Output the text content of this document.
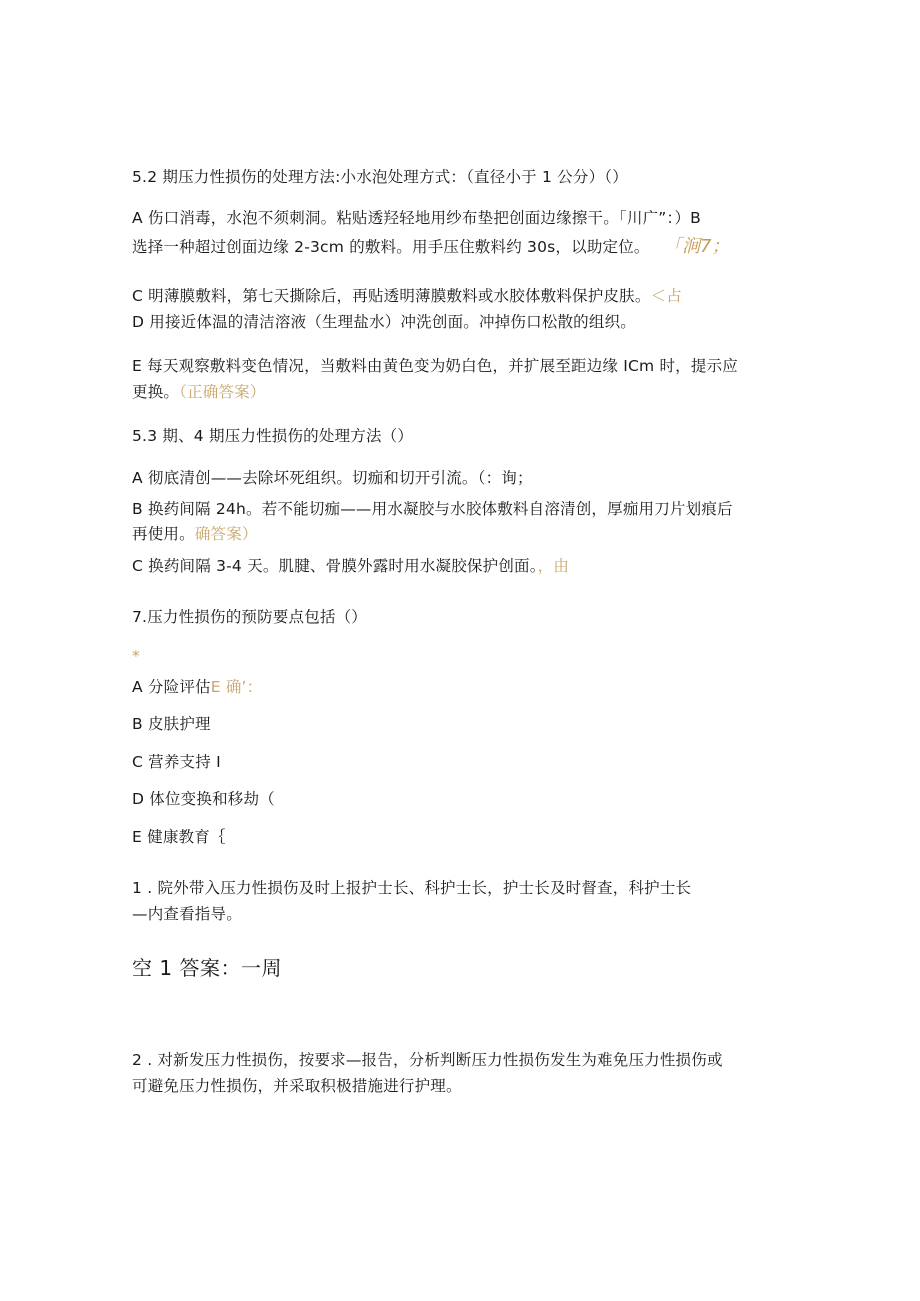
5.2 期压力性损伤的处理方法:小水泡处理方式：（直径小于 1 公分）（）
A 伤口消毒，水泡不须刺洞。粘贴透羟轻地用纱布垫把创面边缘擦干。「川广”：）B
选择一种超过创面边缘 2-3cm 的敷料。用手压住敷料约 30s，以助定位。 「涧7；
C 明薄膜敷料，第七天撕除后，再贴透明薄膜敷料或水胶体敷料保护皮肤。＜占
D 用接近体温的清洁溶液（生理盐水）冲洗创面。冲掉伤口松散的组织。
E 每天观察敷料变色情况，当敷料由黄色变为奶白色，并扩展至距边缘 ICm 时，提示应
更换。（正确答案）
5.3 期、4 期压力性损伤的处理方法（）
A 彻底清创——去除坏死组织。切痂和切开引流。（：询；
B 换药间隔 24h。若不能切痂——用水凝胶与水胶体敷料自溶清创，厚痂用刀片划痕后
再使用。确答案）
C 换药间隔 3-4 天。肌腱、骨膜外露时用水凝胶保护创面。，由
7.压力性损伤的预防要点包括（）
*
A 分险评估E 确’：
B 皮肤护理
C 营养支持 I
D 体位变换和移劫（
E 健康教育｛
1 . 院外带入压力性损伤及时上报护士长、科护士长，护士长及时督查，科护士长
—内查看指导。
空 1 答案：一周
2 . 对新发压力性损伤，按要求—报告，分析判断压力性损伤发生为难免压力性损伤或
可避免压力性损伤，并采取积极措施进行护理。
